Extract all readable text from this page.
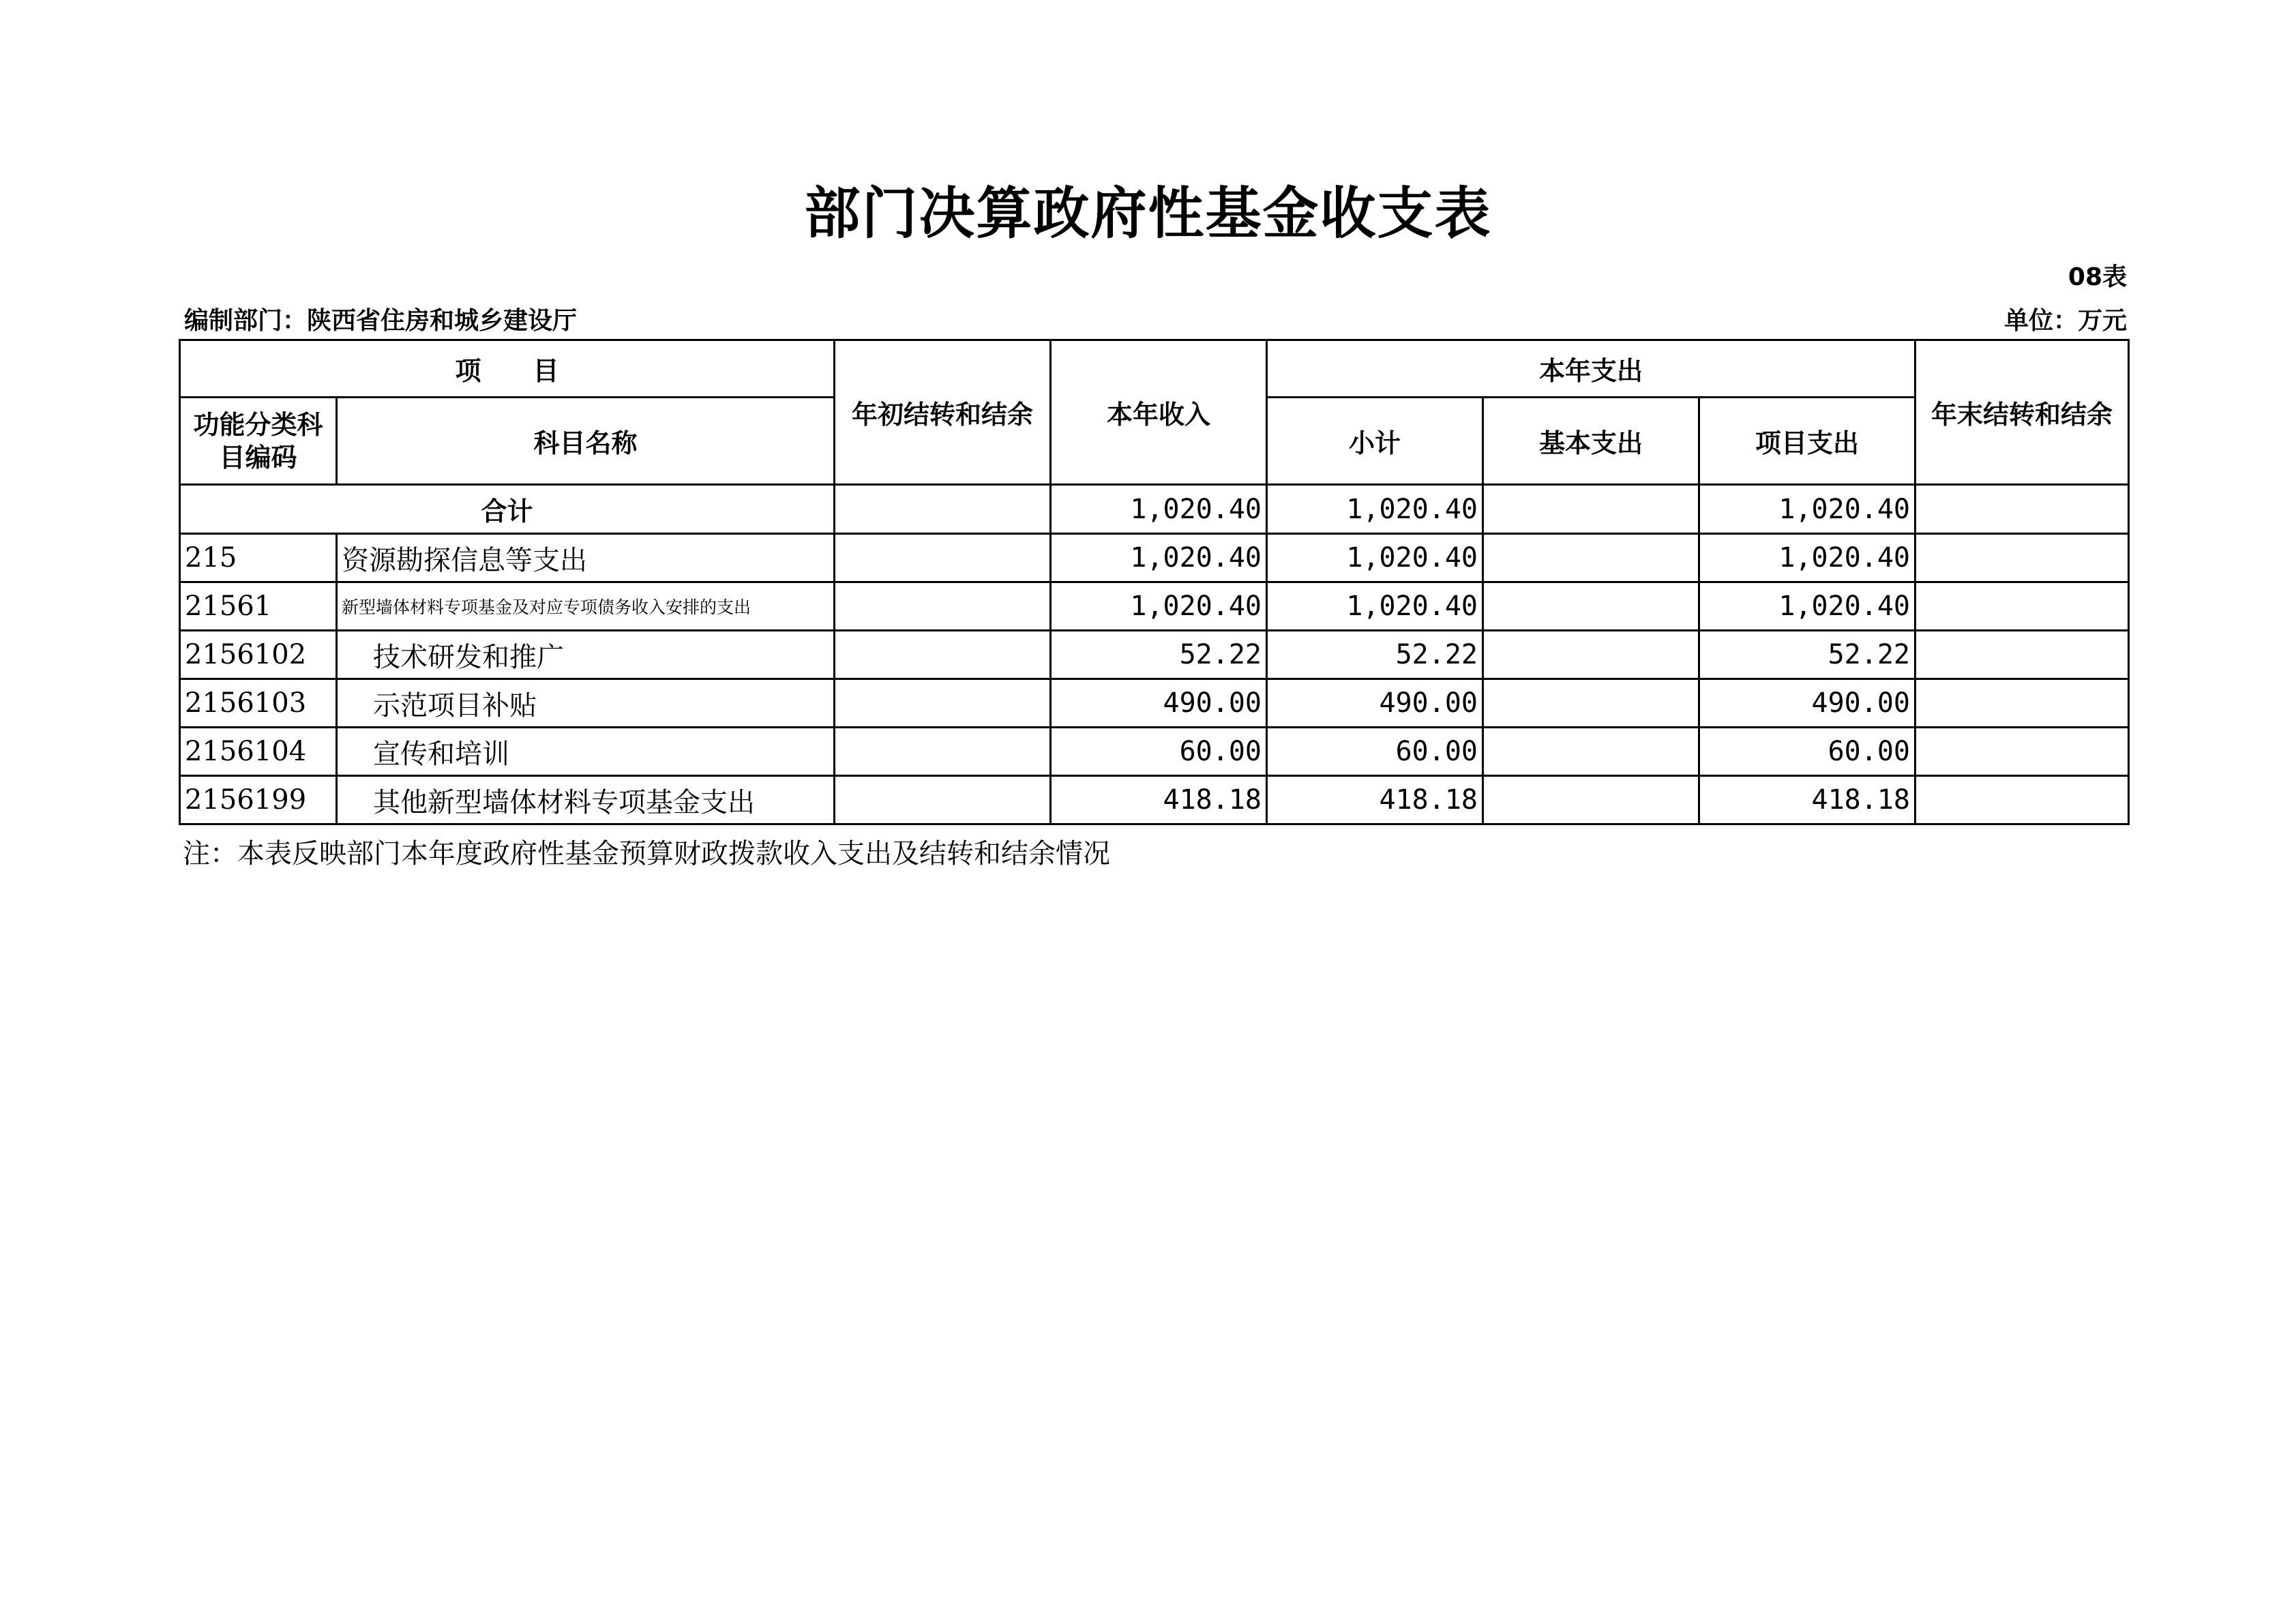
部门决算政府性基金收支表
08表
编制部门：陕西省住房和城乡建设厅	单位：万元
项　　目		年初结转和结余	本年收入	本年支出			年末结转和结余
功能分类科目编码	科目名称			小计	基本支出	项目支出	
合计			1,020.40	1,020.40		1,020.40	
215	资源勘探信息等支出		1,020.40	1,020.40		1,020.40	
21561	新型墙体材料专项基金及对应专项债务收入安排的支出		1,020.40	1,020.40		1,020.40	
2156102	技术研发和推广		52.22	52.22		52.22	
2156103	示范项目补贴		490.00	490.00		490.00	
2156104	宣传和培训		60.00	60.00		60.00	
2156199	其他新型墙体材料专项基金支出		418.18	418.18		418.18	
注：本表反映部门本年度政府性基金预算财政拨款收入支出及结转和结余情况
